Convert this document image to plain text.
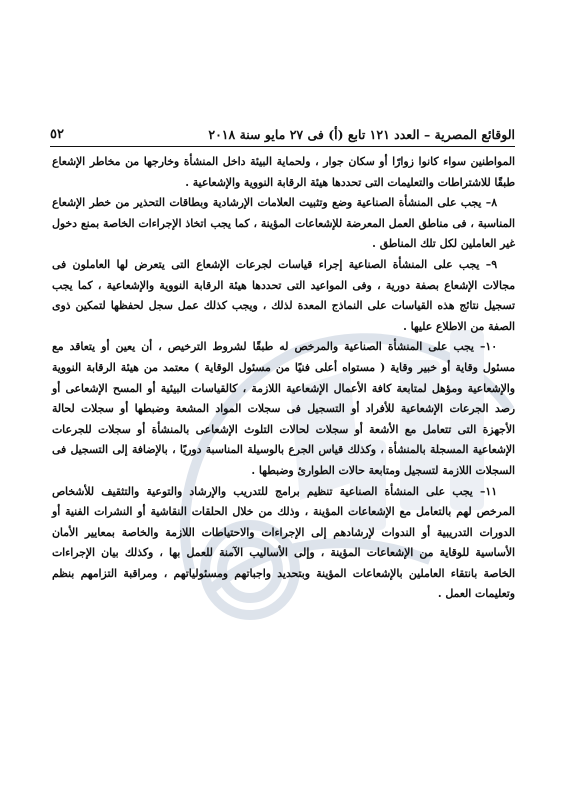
الوقائع المصرية – العدد ١٢١ تابع (أ) فى ٢٧ مايو سنة ٢٠١٨
٥٢

المواطنين سواء كانوا زوارًا أو سكان جوار ، ولحماية البيئة داخل المنشأة وخارجها من مخاطر الإشعاع طبقًا للاشتراطات والتعليمات التى تحددها هيئة الرقابة النووية والإشعاعية .

٨– يجب على المنشأة الصناعية وضع وتثبيت العلامات الإرشادية وبطاقات التحذير من خطر الإشعاع المناسبة ، فى مناطق العمل المعرضة للإشعاعات المؤينة ، كما يجب اتخاذ الإجراءات الخاصة بمنع دخول غير العاملين لكل تلك المناطق .

٩– يجب على المنشأة الصناعية إجراء قياسات لجرعات الإشعاع التى يتعرض لها العاملون فى مجالات الإشعاع بصفة دورية ، وفى المواعيد التى تحددها هيئة الرقابة النووية والإشعاعية ، كما يجب تسجيل نتائج هذه القياسات على النماذج المعدة لذلك ، ويجب كذلك عمل سجل لحفظها لتمكين ذوى الصفة من الاطلاع عليها .

١٠– يجب على المنشأة الصناعية والمرخص له طبقًا لشروط الترخيص ، أن يعين أو يتعاقد مع مسئول وقاية أو خبير وقاية ( مستواه أعلى فنيًا من مسئول الوقاية ) معتمد من هيئة الرقابة النووية والإشعاعية ومؤهل لمتابعة كافة الأعمال الإشعاعية اللازمة ، كالقياسات البيئية أو المسح الإشعاعى أو رصد الجرعات الإشعاعية للأفراد أو التسجيل فى سجلات المواد المشعة وضبطها أو سجلات لحالة الأجهزة التى تتعامل مع الأشعة أو سجلات لحالات التلوث الإشعاعى بالمنشأة أو سجلات للجرعات الإشعاعية المسجلة بالمنشأة ، وكذلك قياس الجرع بالوسيلة المناسبة دوريًا ، بالإضافة إلى التسجيل فى السجلات اللازمة لتسجيل ومتابعة حالات الطوارئ وضبطها .

١١– يجب على المنشأة الصناعية تنظيم برامج للتدريب والإرشاد والتوعية والتثقيف للأشخاص المرخص لهم بالتعامل مع الإشعاعات المؤينة ، وذلك من خلال الحلقات النقاشية أو النشرات الفنية أو الدورات التدريبية أو الندوات لإرشادهم إلى الإجراءات والاحتياطات اللازمة والخاصة بمعايير الأمان الأساسية للوقاية من الإشعاعات المؤينة ، وإلى الأساليب الآمنة للعمل بها ، وكذلك بيان الإجراءات الخاصة بانتقاء العاملين بالإشعاعات المؤينة وبتحديد واجباتهم ومسئولياتهم ، ومراقبة التزامهم بنظم وتعليمات العمل .
